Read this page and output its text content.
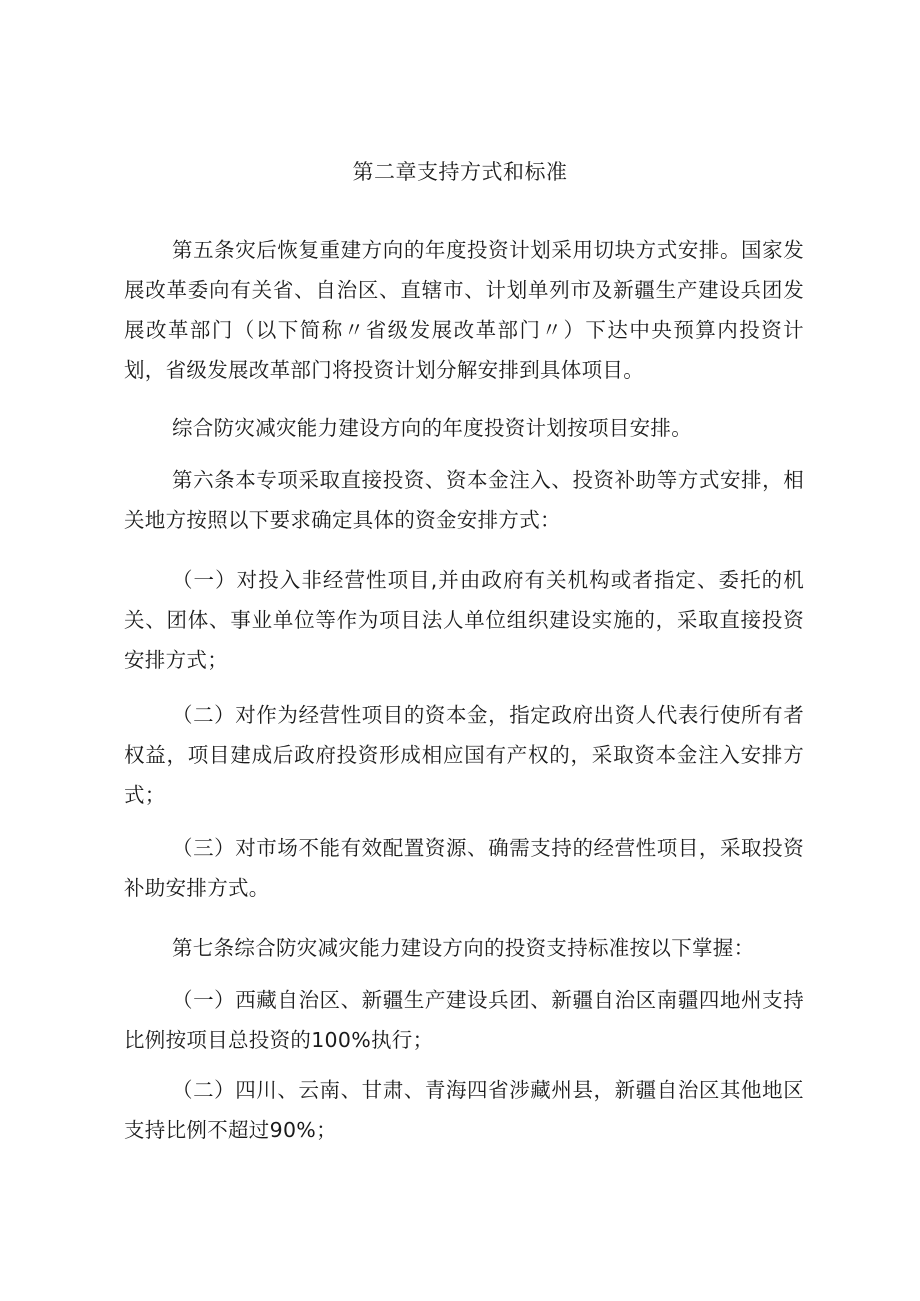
第二章支持方式和标准

第五条灾后恢复重建方向的年度投资计划采用切块方式安排。国家发展改革委向有关省、自治区、直辖市、计划单列市及新疆生产建设兵团发展改革部门（以下简称〃省级发展改革部门〃）下达中央预算内投资计划，省级发展改革部门将投资计划分解安排到具体项目。

综合防灾减灾能力建设方向的年度投资计划按项目安排。

第六条本专项采取直接投资、资本金注入、投资补助等方式安排，相关地方按照以下要求确定具体的资金安排方式：

（一）对投入非经营性项目,并由政府有关机构或者指定、委托的机关、团体、事业单位等作为项目法人单位组织建设实施的，采取直接投资安排方式；

（二）对作为经营性项目的资本金，指定政府出资人代表行使所有者权益，项目建成后政府投资形成相应国有产权的，采取资本金注入安排方式；

（三）对市场不能有效配置资源、确需支持的经营性项目，采取投资补助安排方式。

第七条综合防灾减灾能力建设方向的投资支持标准按以下掌握：

（一）西藏自治区、新疆生产建设兵团、新疆自治区南疆四地州支持比例按项目总投资的100%执行；

（二）四川、云南、甘肃、青海四省涉藏州县，新疆自治区其他地区支持比例不超过90%；
